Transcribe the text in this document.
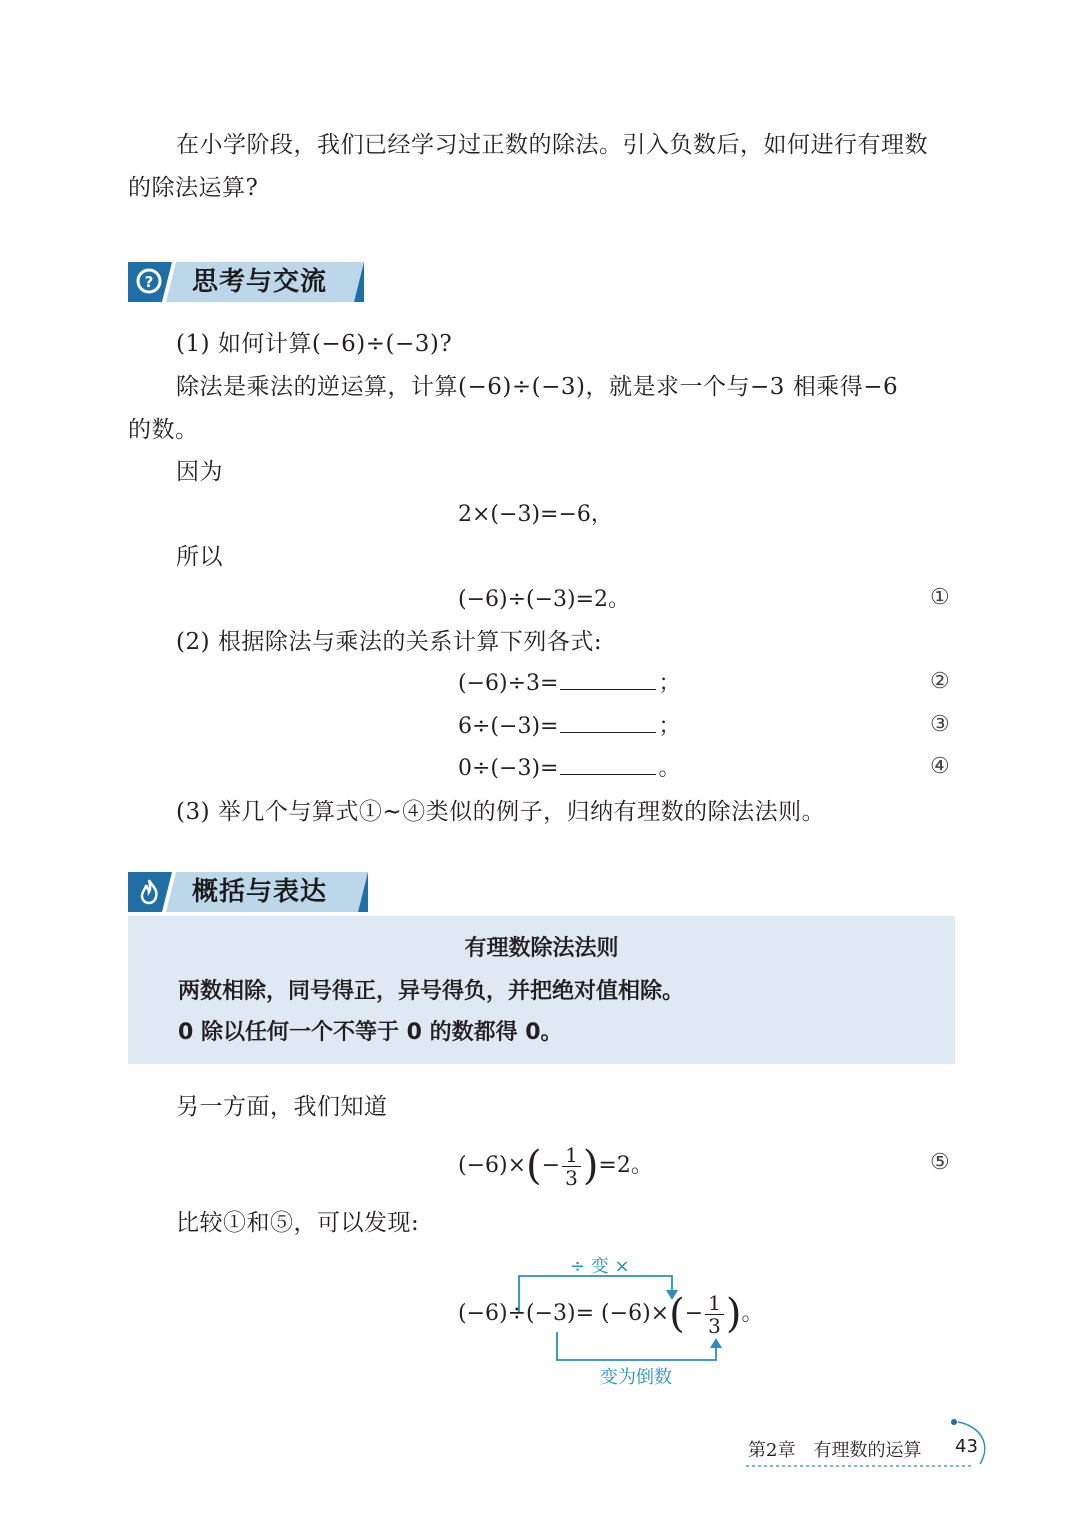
在小学阶段，我们已经学习过正数的除法。引入负数后，如何进行有理数
的除法运算?
? 思考与交流
(1) 如何计算(−6)÷(−3)?
除法是乘法的逆运算，计算(−6)÷(−3)，就是求一个与−3 相乘得−6
的数。
因为
2×(−3)=−6，
所以
(−6)÷(−3)=2。	①
(2) 根据除法与乘法的关系计算下列各式:
(−6)÷3=	；	②
6÷(−3)=	；	③
0÷(−3)=	。	④
(3) 举几个与算式①~④类似的例子，归纳有理数的除法法则。
概括与表达
有理数除法法则
两数相除，同号得正，异号得负，并把绝对值相除。
0 除以任何一个不等于 0 的数都得 0。
另一方面，我们知道
(−6)× ( − $\frac{1}{3}$ ) =2。	⑤
比较①和⑤，可以发现:
÷ 变 ×
(−6)÷(−3)= (−6)× ( − $\frac{1}{3}$ ) 。
变为倒数
第2章　有理数的运算 43
